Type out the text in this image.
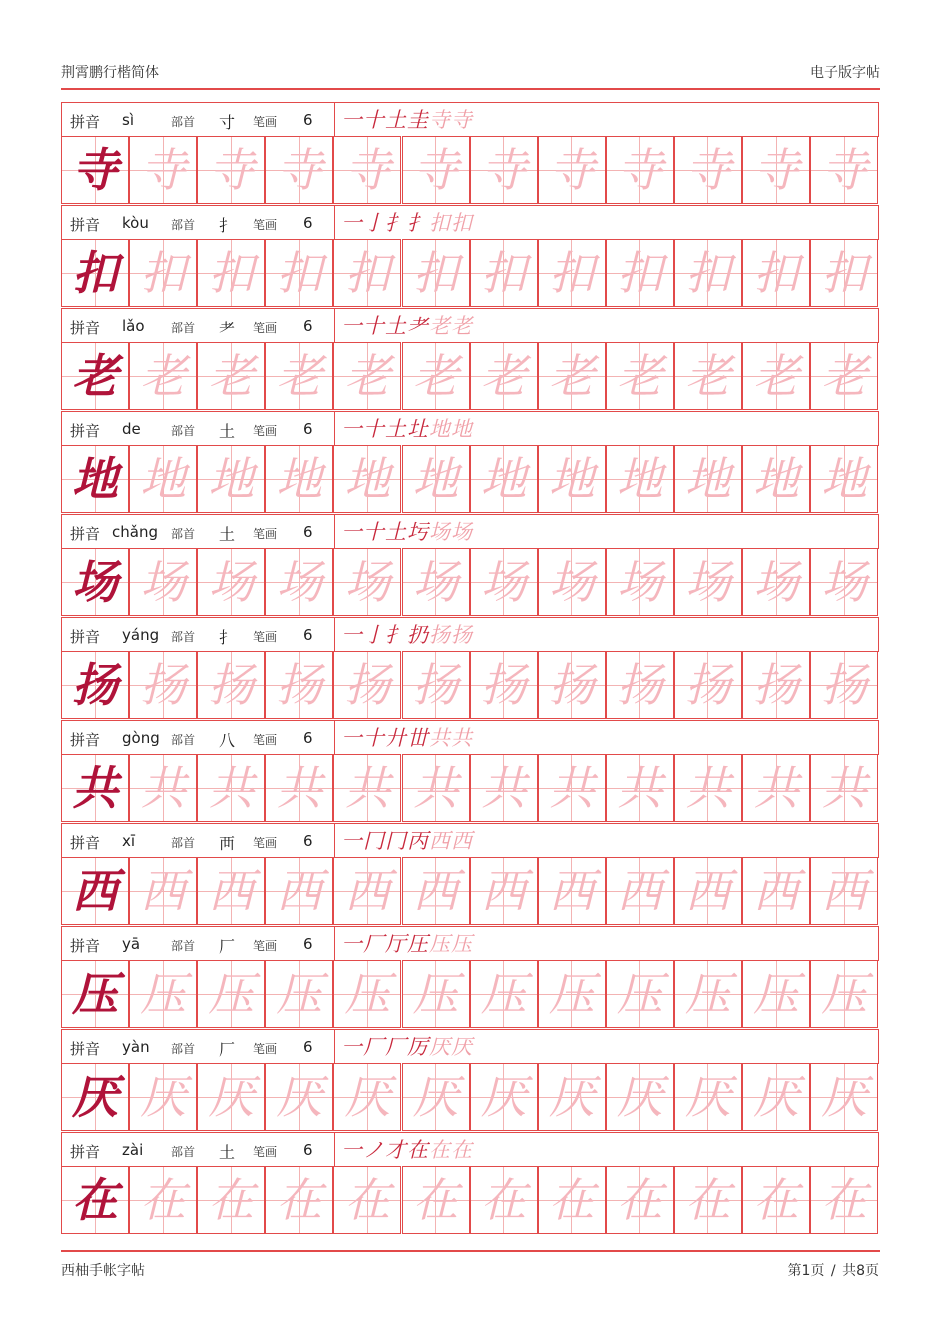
荆霄鹏行楷简体	电子版字帖
拼音 sì	部首 寸 笔画 6 一十土圭寺寺
寺 寺 寺 寺 寺 寺 寺 寺 寺 寺 寺 寺
拼音 kòu 部首 扌 笔画 6 一亅扌扌扣扣
扣 扣 扣 扣 扣 扣 扣 扣 扣 扣 扣 扣
拼音 lǎo 部首 耂 笔画 6 一十土耂老老
老 老 老 老 老 老 老 老 老 老 老 老
拼音 de	部首 土 笔画 6 一十土圵地地
地 地 地 地 地 地 地 地 地 地 地 地
拼音 chǎng 部首 土 笔画 6 一十土圬场场
场 场 场 场 场 场 场 场 场 场 场 场
拼音 yáng 部首 扌 笔画 6 一亅扌扔扬扬
扬 扬 扬 扬 扬 扬 扬 扬 扬 扬 扬 扬
拼音 gòng 部首 八 笔画 6 一十廾丗共共
共 共 共 共 共 共 共 共 共 共 共 共
拼音 xī	部首 襾 笔画 6 一冂冂丙西西
西 西 西 西 西 西 西 西 西 西 西 西
拼音 yā	部首 厂 笔画 6 一厂厅圧压压
压 压 压 压 压 压 压 压 压 压 压 压
拼音 yàn 部首 厂 笔画 6 一厂厂厉厌厌
厌 厌 厌 厌 厌 厌 厌 厌 厌 厌 厌 厌
拼音 zài 部首 土 笔画 6 一ノ才在在在
在 在 在 在 在 在 在 在 在 在 在 在
西柚手帐字帖	第1页 / 共8页
